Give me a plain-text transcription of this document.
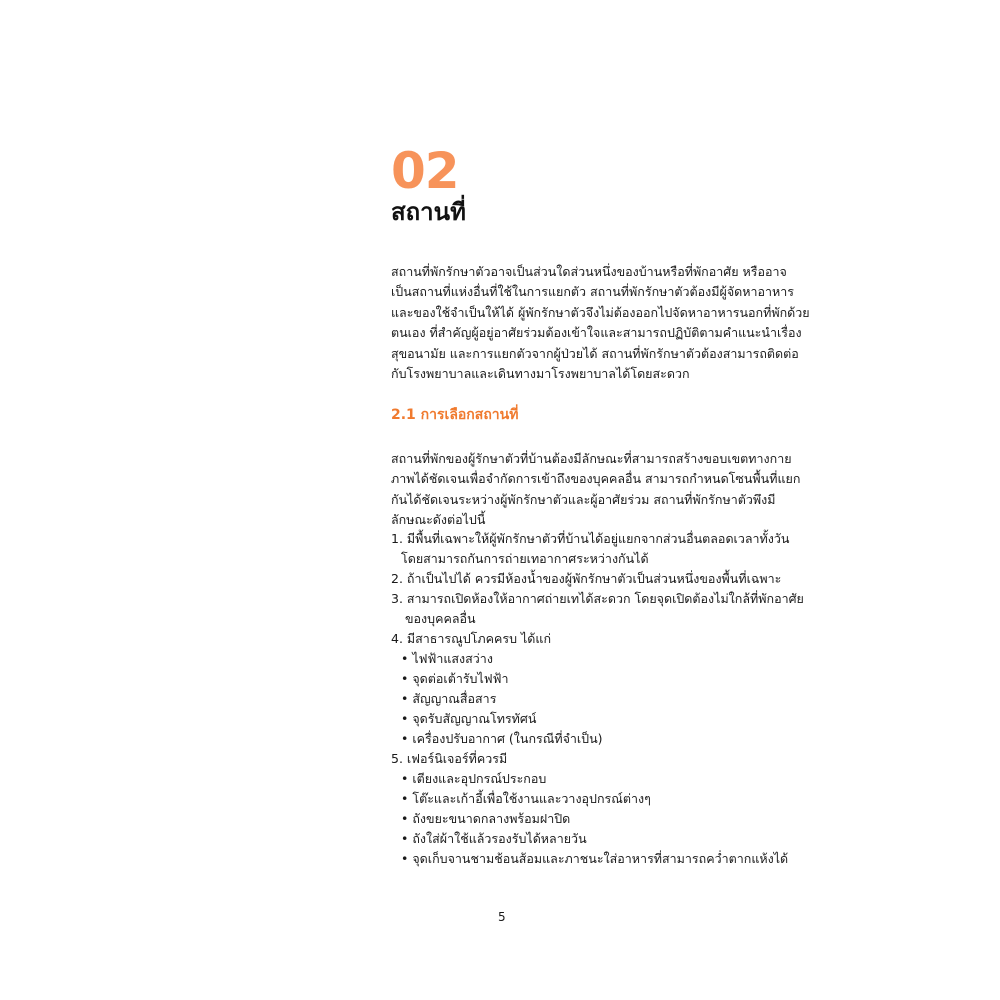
02
สถานที่
สถานที่พักรักษาตัวอาจเป็นส่วนใดส่วนหนึ่งของบ้านหรือที่พักอาศัย หรืออาจ
เป็นสถานที่แห่งอื่นที่ใช้ในการแยกตัว สถานที่พักรักษาตัวต้องมีผู้จัดหาอาหาร
และของใช้จำเป็นให้ได้ ผู้พักรักษาตัวจึงไม่ต้องออกไปจัดหาอาหารนอกที่พักด้วย
ตนเอง ที่สำคัญผู้อยู่อาศัยร่วมต้องเข้าใจและสามารถปฏิบัติตามคำแนะนำเรื่อง
สุขอนามัย และการแยกตัวจากผู้ป่วยได้ สถานที่พักรักษาตัวต้องสามารถติดต่อ
กับโรงพยาบาลและเดินทางมาโรงพยาบาลได้โดยสะดวก
2.1 การเลือกสถานที่
สถานที่พักของผู้รักษาตัวที่บ้านต้องมีลักษณะที่สามารถสร้างขอบเขตทางกาย
ภาพได้ชัดเจนเพื่อจำกัดการเข้าถึงของบุคคลอื่น สามารถกำหนดโซนพื้นที่แยก
กันได้ชัดเจนระหว่างผู้พักรักษาตัวและผู้อาศัยร่วม สถานที่พักรักษาตัวพึงมี
ลักษณะดังต่อไปนี้
1. มีพื้นที่เฉพาะให้ผู้พักรักษาตัวที่บ้านได้อยู่แยกจากส่วนอื่นตลอดเวลาทั้งวัน
โดยสามารถกันการถ่ายเทอากาศระหว่างกันได้
2. ถ้าเป็นไปได้ ควรมีห้องน้ำของผู้พักรักษาตัวเป็นส่วนหนึ่งของพื้นที่เฉพาะ
3. สามารถเปิดห้องให้อากาศถ่ายเทได้สะดวก โดยจุดเปิดต้องไม่ใกล้ที่พักอาศัย
ของบุคคลอื่น
4. มีสาธารณูปโภคครบ ได้แก่
• ไฟฟ้าแสงสว่าง
• จุดต่อเต้ารับไฟฟ้า
• สัญญาณสื่อสาร
• จุดรับสัญญาณโทรทัศน์
• เครื่องปรับอากาศ (ในกรณีที่จำเป็น)
5. เฟอร์นิเจอร์ที่ควรมี
• เตียงและอุปกรณ์ประกอบ
• โต๊ะและเก้าอี้เพื่อใช้งานและวางอุปกรณ์ต่างๆ
• ถังขยะขนาดกลางพร้อมฝาปิด
• ถังใส่ผ้าใช้แล้วรองรับได้หลายวัน
• จุดเก็บจานชามช้อนส้อมและภาชนะใส่อาหารที่สามารถคว่ำตากแห้งได้
5
